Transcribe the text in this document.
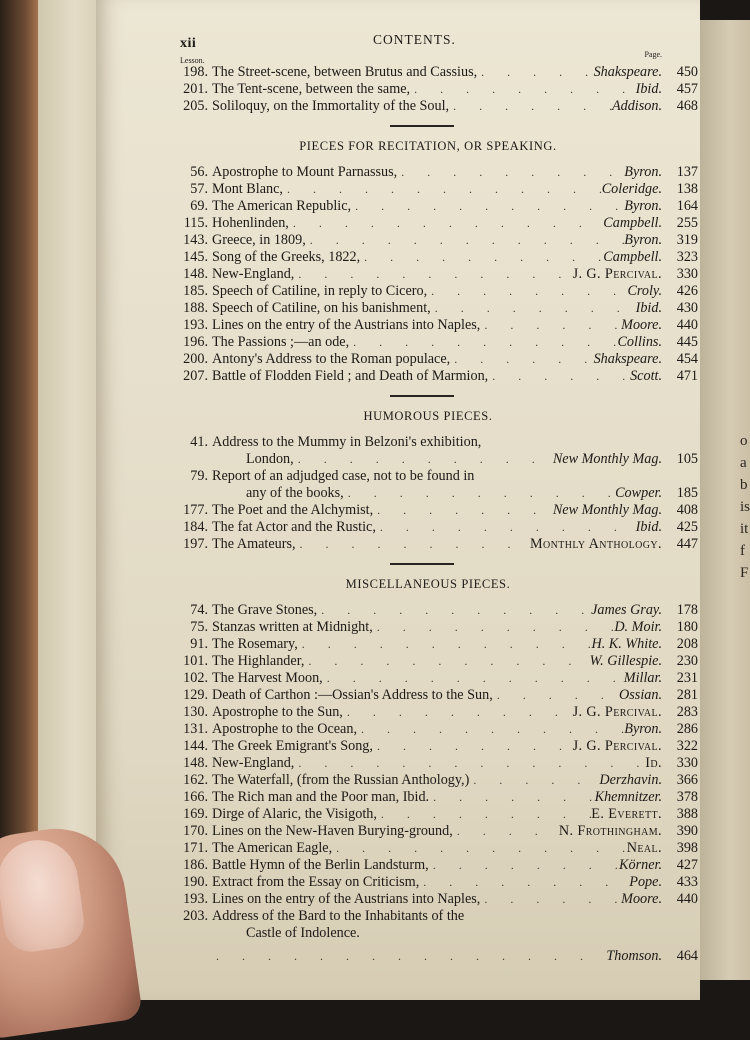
o
a
b
is
it
f
F
xii	CONTENTS.
Lesson.
Page.
198. The Street-scene, between Brutus and Cassius, . . .	Shakspeare.	450
201. The Tent-scene, between the same, . . .	Ibid.	457
205. Soliloquy, on the Immortality of the Soul, . . .	Addison.	468
PIECES FOR RECITATION, OR SPEAKING.
56. Apostrophe to Mount Parnassus, . . .	Byron.	137
57. Mont Blanc, . . .	Coleridge.	138
69. The American Republic, . . .	Byron.	164
115. Hohenlinden, . . .	Campbell.	255
143. Greece, in 1809, . . .	Byron.	319
145. Song of the Greeks, 1822, . . .	Campbell.	323
148. New-England, . . .	J. G. Percival.	330
185. Speech of Catiline, in reply to Cicero, . . .	Croly.	426
188. Speech of Catiline, on his banishment, . . .	Ibid.	430
193. Lines on the entry of the Austrians into Naples, . . .	Moore.	440
196. The Passions ;—an ode, . . .	Collins.	445
200. Antony's Address to the Roman populace, . . .	Shakspeare.	454
207. Battle of Flodden Field ; and Death of Marmion, . . .	Scott.	471
HUMOROUS PIECES.
41. Address to the Mummy in Belzoni's exhibition,
London, . . .	New Monthly Mag.	105
79. Report of an adjudged case, not to be found in
any of the books, . . .	Cowper.	185
177. The Poet and the Alchymist, . . .	New Monthly Mag.	408
184. The fat Actor and the Rustic, . . .	Ibid.	425
197. The Amateurs, . . .	Monthly Anthology.	447
MISCELLANEOUS PIECES.
74. The Grave Stones, . . .	James Gray.	178
75. Stanzas written at Midnight, . . .	D. Moir.	180
91. The Rosemary, . . .	H. K. White.	208
101. The Highlander, . . .	W. Gillespie.	230
102. The Harvest Moon, . . .	Millar.	231
129. Death of Carthon :—Ossian's Address to the Sun, . . .	Ossian.	281
130. Apostrophe to the Sun, . . .	J. G. Percival.	283
131. Apostrophe to the Ocean, . . .	Byron.	286
144. The Greek Emigrant's Song, . . .	J. G. Percival.	322
148. New-England, . . .	Id.	330
162. The Waterfall, (from the Russian Anthology,) . . .	Derzhavin.	366
166. The Rich man and the Poor man, Ibid. . . .	Khemnitzer.	378
169. Dirge of Alaric, the Visigoth, . . .	E. Everett.	388
170. Lines on the New-Haven Burying-ground, . . .	N. Frothingham.	390
171. The American Eagle, . . .	Neal.	398
186. Battle Hymn of the Berlin Landsturm, . . .	Körner.	427
190. Extract from the Essay on Criticism, . . .	Pope.	433
193. Lines on the entry of the Austrians into Naples, . . .	Moore.	440
203. Address of the Bard to the Inhabitants of the
Castle of Indolence.
. . .
Thomson.	464
